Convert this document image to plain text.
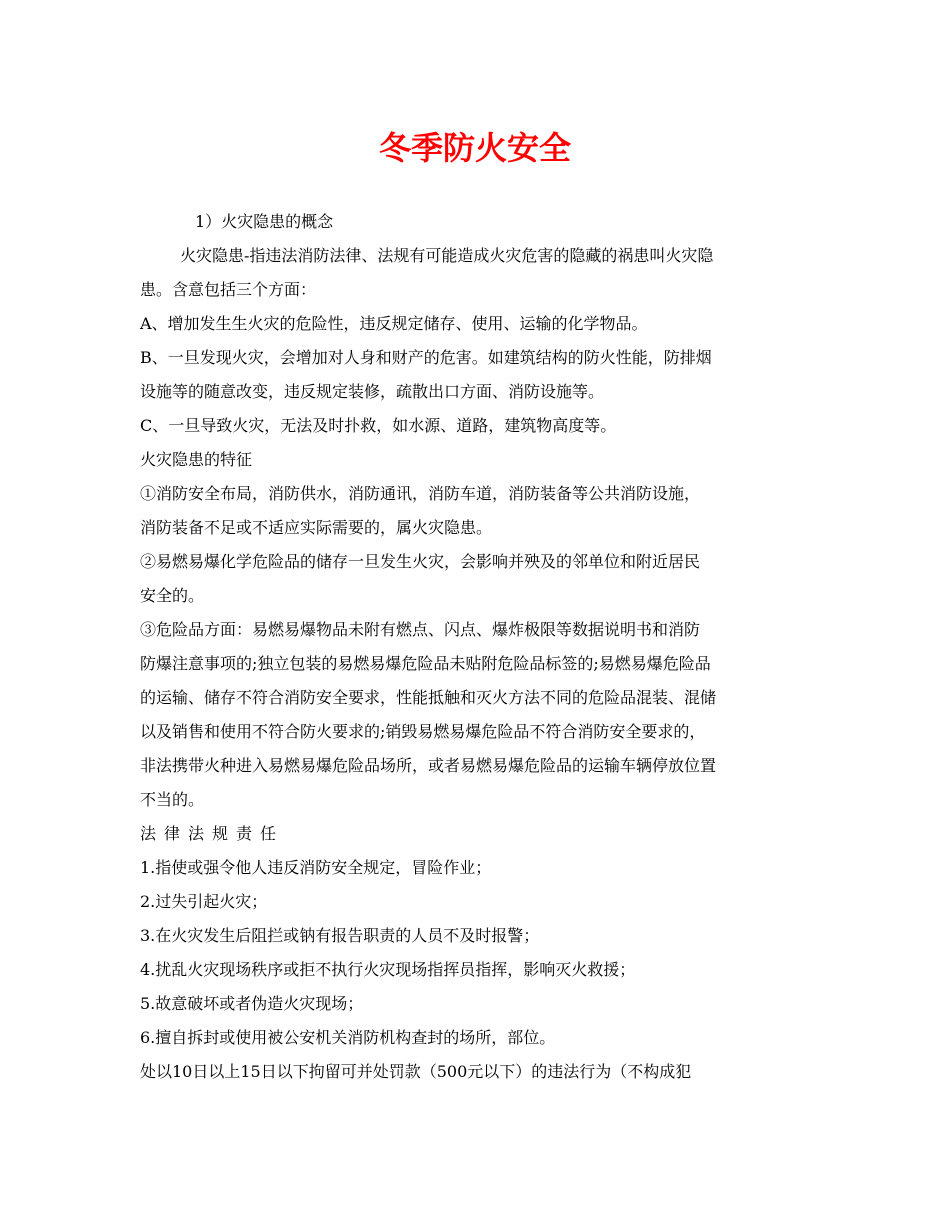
冬季防火安全
1）火灾隐患的概念
火灾隐患-指违法消防法律、法规有可能造成火灾危害的隐藏的祸患叫火灾隐
患。含意包括三个方面：
A、增加发生生火灾的危险性，违反规定储存、使用、运输的化学物品。
B、一旦发现火灾，会增加对人身和财产的危害。如建筑结构的防火性能，防排烟
设施等的随意改变，违反规定装修，疏散出口方面、消防设施等。
C、一旦导致火灾，无法及时扑救，如水源、道路，建筑物高度等。
火灾隐患的特征
①消防安全布局，消防供水，消防通讯，消防车道，消防装备等公共消防设施，
消防装备不足或不适应实际需要的，属火灾隐患。
②易燃易爆化学危险品的储存一旦发生火灾，会影响并殃及的邻单位和附近居民
安全的。
③危险品方面：易燃易爆物品未附有燃点、闪点、爆炸极限等数据说明书和消防
防爆注意事项的;独立包装的易燃易爆危险品未贴附危险品标签的;易燃易爆危险品
的运输、储存不符合消防安全要求，性能抵触和灭火方法不同的危险品混装、混储
以及销售和使用不符合防火要求的;销毁易燃易爆危险品不符合消防安全要求的，
非法携带火种进入易燃易爆危险品场所，或者易燃易爆危险品的运输车辆停放位置
不当的。
法律法规责任
1.指使或强令他人违反消防安全规定，冒险作业；
2.过失引起火灾；
3.在火灾发生后阻拦或钠有报告职责的人员不及时报警；
4.扰乱火灾现场秩序或拒不执行火灾现场指挥员指挥，影响灭火救援；
5.故意破坏或者伪造火灾现场；
6.擅自拆封或使用被公安机关消防机构查封的场所，部位。
处以10日以上15日以下拘留可并处罚款（500元以下）的违法行为（不构成犯
